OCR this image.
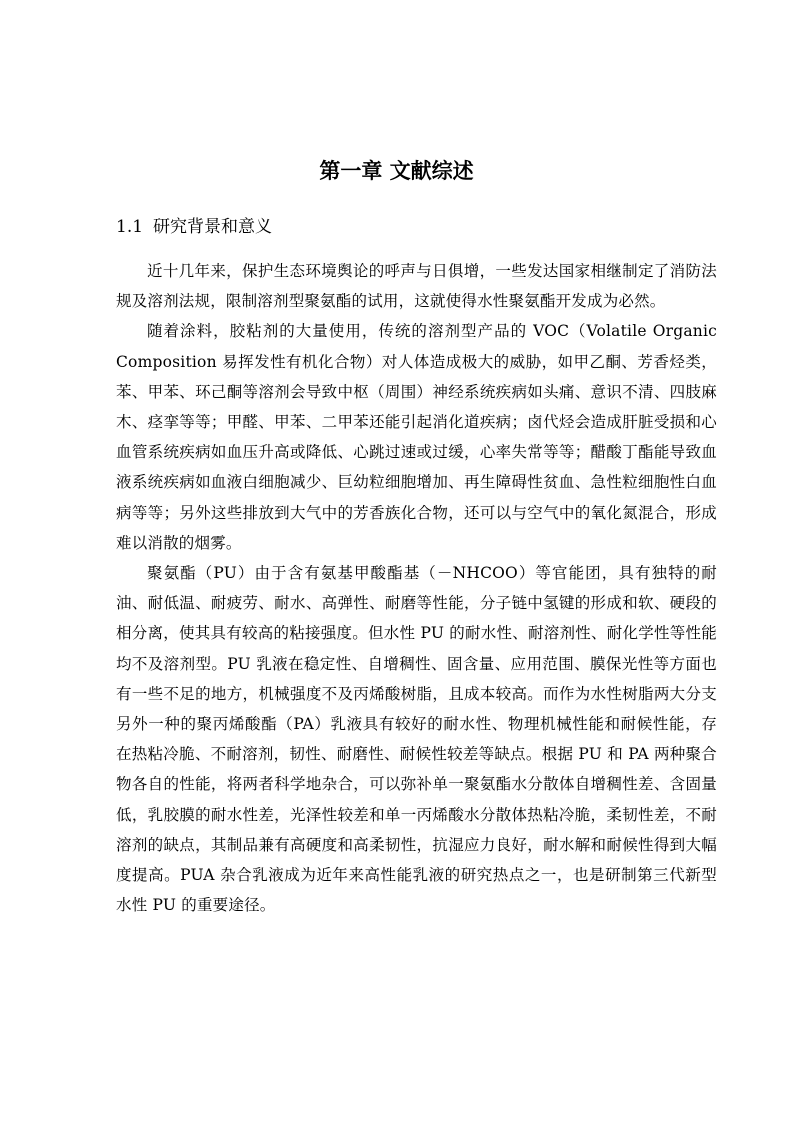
第一章 文献综述
1.1 研究背景和意义

近十几年来，保护生态环境舆论的呼声与日俱增，一些发达国家相继制定了消防法规及溶剂法规，限制溶剂型聚氨酯的试用，这就使得水性聚氨酯开发成为必然。

随着涂料，胶粘剂的大量使用，传统的溶剂型产品的 VOC（Volatile Organic Composition 易挥发性有机化合物）对人体造成极大的威胁，如甲乙酮、芳香烃类，苯、甲苯、环己酮等溶剂会导致中枢（周围）神经系统疾病如头痛、意识不清、四肢麻木、痉挛等等；甲醛、甲苯、二甲苯还能引起消化道疾病；卤代烃会造成肝脏受损和心血管系统疾病如血压升高或降低、心跳过速或过缓，心率失常等等；醋酸丁酯能导致血液系统疾病如血液白细胞减少、巨幼粒细胞增加、再生障碍性贫血、急性粒细胞性白血病等等；另外这些排放到大气中的芳香族化合物，还可以与空气中的氧化氮混合，形成难以消散的烟雾。

聚氨酯（PU）由于含有氨基甲酸酯基（－NHCOO）等官能团，具有独特的耐油、耐低温、耐疲劳、耐水、高弹性、耐磨等性能，分子链中氢键的形成和软、硬段的相分离，使其具有较高的粘接强度。但水性 PU 的耐水性、耐溶剂性、耐化学性等性能均不及溶剂型。PU 乳液在稳定性、自增稠性、固含量、应用范围、膜保光性等方面也有一些不足的地方，机械强度不及丙烯酸树脂，且成本较高。而作为水性树脂两大分支另外一种的聚丙烯酸酯（PA）乳液具有较好的耐水性、物理机械性能和耐候性能，存在热粘冷脆、不耐溶剂，韧性、耐磨性、耐候性较差等缺点。根据 PU 和 PA 两种聚合物各自的性能，将两者科学地杂合，可以弥补单一聚氨酯水分散体自增稠性差、含固量低，乳胶膜的耐水性差，光泽性较差和单一丙烯酸水分散体热粘冷脆，柔韧性差，不耐溶剂的缺点，其制品兼有高硬度和高柔韧性，抗湿应力良好，耐水解和耐候性得到大幅度提高。PUA 杂合乳液成为近年来高性能乳液的研究热点之一，也是研制第三代新型水性 PU 的重要途径。
